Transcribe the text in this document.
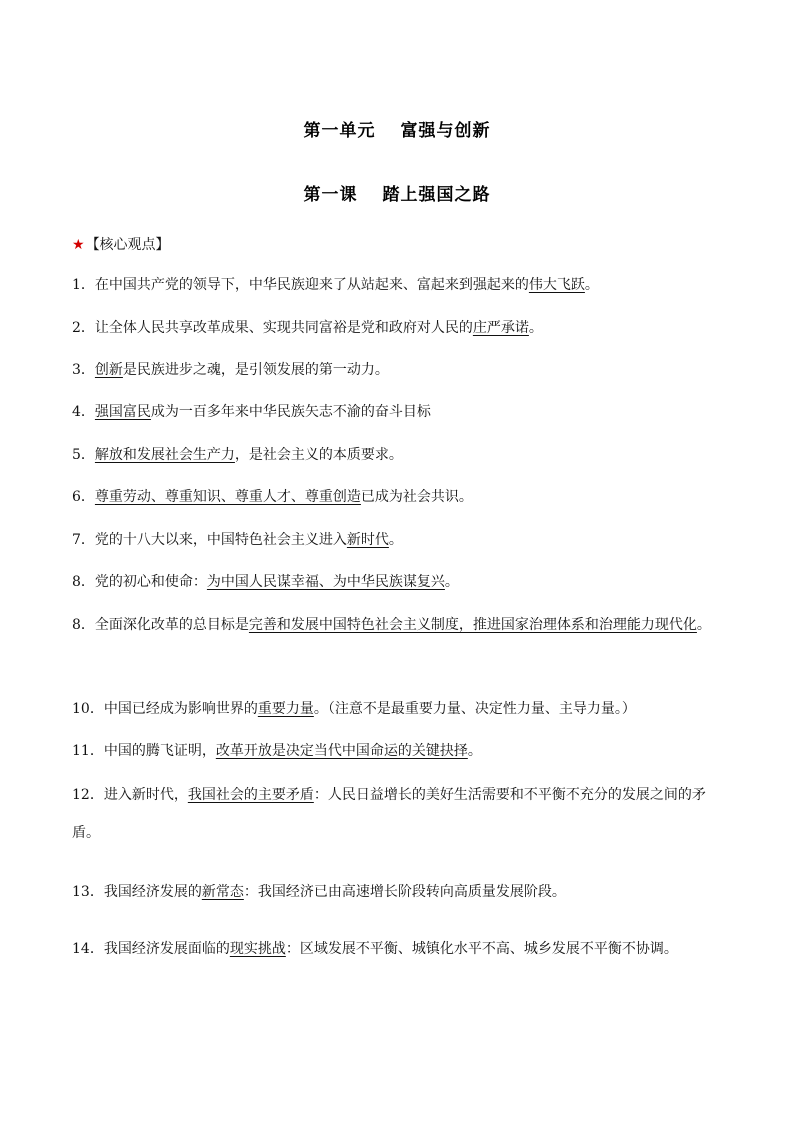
第一单元　 富强与创新
第一课　 踏上强国之路
★【核心观点】
1．在中国共产党的领导下，中华民族迎来了从站起来、富起来到强起来的伟大飞跃。
2．让全体人民共享改革成果、实现共同富裕是党和政府对人民的庄严承诺。
3．创新是民族进步之魂，是引领发展的第一动力。
4．强国富民成为一百多年来中华民族矢志不渝的奋斗目标
5．解放和发展社会生产力，是社会主义的本质要求。
6．尊重劳动、尊重知识、尊重人才、尊重创造已成为社会共识。
7．党的十八大以来，中国特色社会主义进入新时代。
8．党的初心和使命：为中国人民谋幸福、为中华民族谋复兴。
8．全面深化改革的总目标是完善和发展中国特色社会主义制度，推进国家治理体系和治理能力现代化。
10．中国已经成为影响世界的重要力量。（注意不是最重要力量、决定性力量、主导力量。）
11．中国的腾飞证明，改革开放是决定当代中国命运的关键抉择。
12．进入新时代，我国社会的主要矛盾：人民日益增长的美好生活需要和不平衡不充分的发展之间的矛盾。
13．我国经济发展的新常态：我国经济已由高速增长阶段转向高质量发展阶段。
14．我国经济发展面临的现实挑战：区域发展不平衡、城镇化水平不高、城乡发展不平衡不协调。
